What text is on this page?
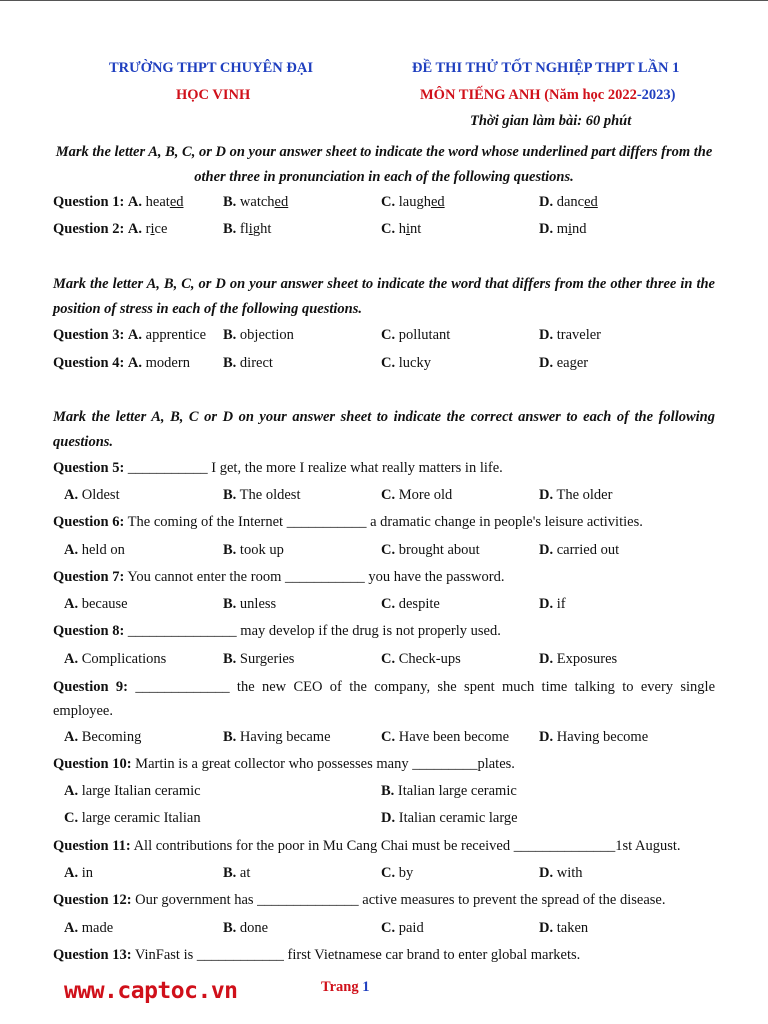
TRƯỜNG THPT CHUYÊN ĐẠI
HỌC VINH
ĐỀ THI THỬ TỐT NGHIỆP THPT LẦN 1
MÔN TIẾNG ANH (Năm học 2022-2023)
Thời gian làm bài: 60 phút
Mark the letter A, B, C, or D on your answer sheet to indicate the word whose underlined part differs from the other three in pronunciation in each of the following questions.
Question 1: A. heated	B. watched	C. laughed	D. danced
Question 2: A. rice	B. flight	C. hint	D. mind
Mark the letter A, B, C, or D on your answer sheet to indicate the word that differs from the other three in the position of stress in each of the following questions.
Question 3: A. apprentice B. objection	C. pollutant	D. traveler
Question 4: A. modern B. direct	C. lucky	D. eager
Mark the letter A, B, C or D on your answer sheet to indicate the correct answer to each of the following questions.
Question 5: ___________ I get, the more I realize what really matters in life.
A. Oldest	B. The oldest	C. More old	D. The older
Question 6: The coming of the Internet ___________ a dramatic change in people's leisure activities.
A. held on	B. took up	C. brought about	D. carried out
Question 7: You cannot enter the room ___________ you have the password.
A. because	B. unless	C. despite	D. if
Question 8: _______________ may develop if the drug is not properly used.
A. Complications	B. Surgeries	C. Check-ups	D. Exposures
Question 9: _____________ the new CEO of the company, she spent much time talking to every single employee.
A. Becoming	B. Having became	C. Have been become D. Having become
Question 10: Martin is a great collector who possesses many _________plates.
A. large Italian ceramic	B. Italian large ceramic
C. large ceramic Italian	D. Italian ceramic large
Question 11: All contributions for the poor in Mu Cang Chai must be received ______________1st August.
A. in	B. at	C. by	D. with
Question 12: Our government has ______________ active measures to prevent the spread of the disease.
A. made	B. done	C. paid	D. taken
Question 13: VinFast is ____________ first Vietnamese car brand to enter global markets.
www.captoc.vn	Trang 1
